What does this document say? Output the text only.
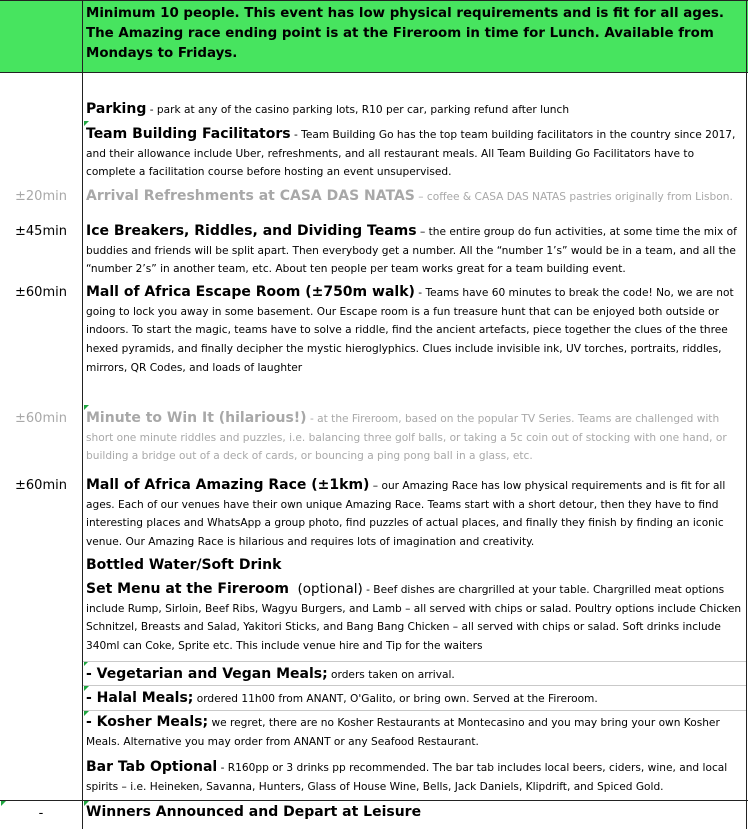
Minimum 10 people. This event has low physical requirements and is fit for all ages. The Amazing race ending point is at the Fireroom in time for Lunch. Available from Mondays to Fridays.
Parking - park at any of the casino parking lots, R10 per car, parking refund after lunch
Team Building Facilitators - Team Building Go has the top team building facilitators in the country since 2017, and their allowance include Uber, refreshments, and all restaurant meals. All Team Building Go Facilitators have to complete a facilitation course before hosting an event unsupervised.
±20min	Arrival Refreshments at CASA DAS NATAS – coffee & CASA DAS NATAS pastries originally from Lisbon.
±45min	Ice Breakers, Riddles, and Dividing Teams – the entire group do fun activities, at some time the mix of buddies and friends will be split apart. Then everybody get a number. All the “number 1’s” would be in a team, and all the “number 2’s” in another team, etc. About ten people per team works great for a team building event.
±60min	Mall of Africa Escape Room (±750m walk) - Teams have 60 minutes to break the code! No, we are not going to lock you away in some basement. Our Escape room is a fun treasure hunt that can be enjoyed both outside or indoors. To start the magic, teams have to solve a riddle, find the ancient artefacts, piece together the clues of the three hexed pyramids, and finally decipher the mystic hieroglyphics. Clues include invisible ink, UV torches, portraits, riddles, mirrors, QR Codes, and loads of laughter
±60min	Minute to Win It (hilarious!) - at the Fireroom, based on the popular TV Series. Teams are challenged with short one minute riddles and puzzles, i.e. balancing three golf balls, or taking a 5c coin out of stocking with one hand, or building a bridge out of a deck of cards, or bouncing a ping pong ball in a glass, etc.
±60min	Mall of Africa Amazing Race (±1km) – our Amazing Race has low physical requirements and is fit for all ages. Each of our venues have their own unique Amazing Race. Teams start with a short detour, then they have to find interesting places and WhatsApp a group photo, find puzzles of actual places, and finally they finish by finding an iconic venue. Our Amazing Race is hilarious and requires lots of imagination and creativity.
Bottled Water/Soft Drink
Set Menu at the Fireroom  (optional) - Beef dishes are chargrilled at your table. Chargrilled meat options include Rump, Sirloin, Beef Ribs, Wagyu Burgers, and Lamb – all served with chips or salad. Poultry options include Chicken Schnitzel, Breasts and Salad, Yakitori Sticks, and Bang Bang Chicken – all served with chips or salad. Soft drinks include 340ml can Coke, Sprite etc. This include venue hire and Tip for the waiters
- Vegetarian and Vegan Meals; orders taken on arrival.
- Halal Meals; ordered 11h00 from ANANT, O'Galito, or bring own. Served at the Fireroom.
- Kosher Meals; we regret, there are no Kosher Restaurants at Montecasino and you may bring your own Kosher Meals. Alternative you may order from ANANT or any Seafood Restaurant.
Bar Tab Optional - R160pp or 3 drinks pp recommended. The bar tab includes local beers, ciders, wine, and local spirits – i.e. Heineken, Savanna, Hunters, Glass of House Wine, Bells, Jack Daniels, Klipdrift, and Spiced Gold.
-	Winners Announced and Depart at Leisure
